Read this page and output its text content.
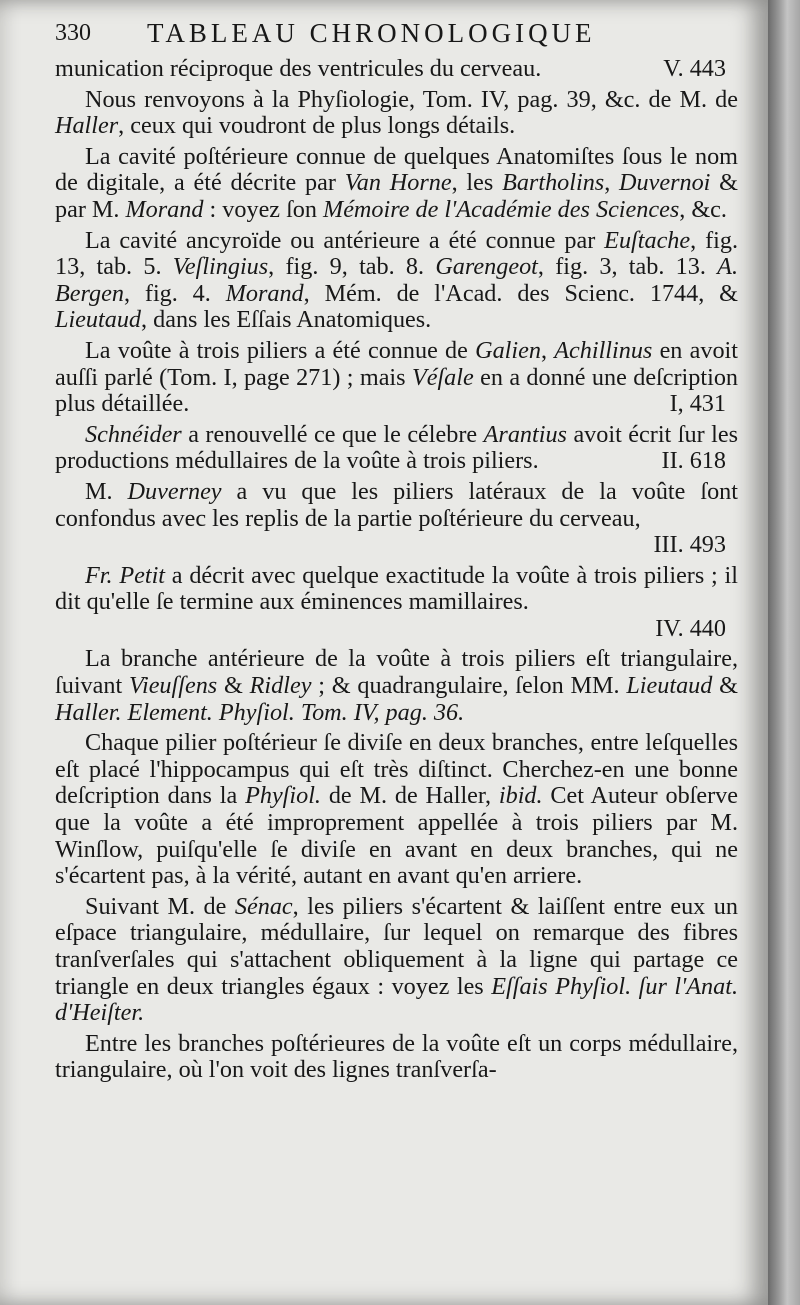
330 TABLEAU CHRONOLOGIQUE

munication réciproque des ventricules du cerveau.	V. 443

Nous renvoyons à la Phyſiologie, Tom. IV, pag. 39, &c. de M. de Haller, ceux qui voudront de plus longs détails.

La cavité poſtérieure connue de quelques Anatomiſtes ſous le nom de digitale, a été décrite par Van Horne, les Bartholins, Duvernoi & par M. Morand : voyez ſon Mémoire de l'Académie des Sciences, &c.

La cavité ancyroïde ou antérieure a été connue par Euſtache, fig. 13, tab. 5. Veſlingius, fig. 9, tab. 8. Garengeot, fig. 3, tab. 13. A. Bergen, fig. 4. Morand, Mém. de l'Acad. des Scienc. 1744, & Lieutaud, dans les Eſſais Anatomiques.

La voûte à trois piliers a été connue de Galien, Achillinus en avoit auſſi parlé (Tom. I, page 271) ; mais Véſale en a donné une deſcription plus détaillée.	I, 431

Schnéider a renouvellé ce que le célebre Arantius avoit écrit ſur les productions médullaires de la voûte à trois piliers.	II. 618

M. Duverney a vu que les piliers latéraux de la voûte ſont confondus avec les replis de la partie poſtérieure du cerveau,
III. 493

Fr. Petit a décrit avec quelque exactitude la voûte à trois piliers ; il dit qu'elle ſe termine aux éminences mamillaires.
IV. 440

La branche antérieure de la voûte à trois piliers eſt triangulaire, ſuivant Vieuſſens & Ridley ; & quadrangulaire, ſelon MM. Lieutaud & Haller. Element. Phyſiol. Tom. IV, pag. 36.

Chaque pilier poſtérieur ſe diviſe en deux branches, entre leſquelles eſt placé l'hippocampus qui eſt très diſtinct. Cherchez-en une bonne deſcription dans la Phyſiol. de M. de Haller, ibid. Cet Auteur obſerve que la voûte a été improprement appellée à trois piliers par M. Winſlow, puiſqu'elle ſe diviſe en avant en deux branches, qui ne s'écartent pas, à la vérité, autant en avant qu'en arriere.

Suivant M. de Sénac, les piliers s'écartent & laiſſent entre eux un eſpace triangulaire, médullaire, ſur lequel on remarque des fibres tranſverſales qui s'attachent obliquement à la ligne qui partage ce triangle en deux triangles égaux : voyez les Eſſais Phyſiol. ſur l'Anat. d'Heiſter.

Entre les branches poſtérieures de la voûte eſt un corps médullaire, triangulaire, où l'on voit des lignes tranſverſa-
